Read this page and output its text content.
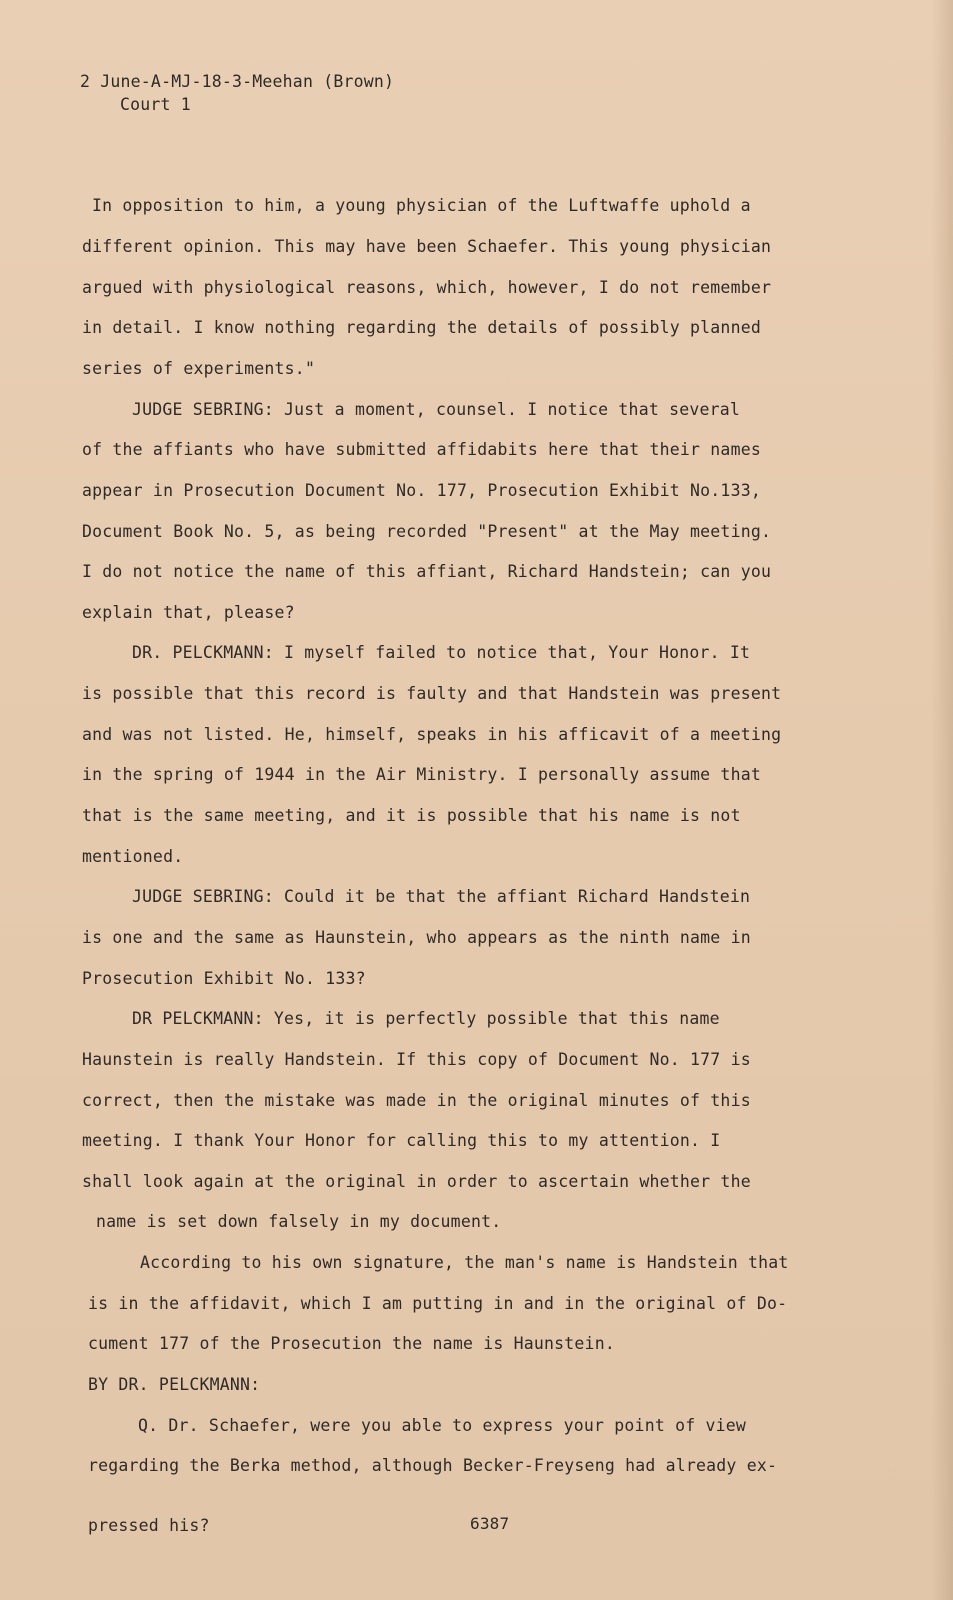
2 June-A-MJ-18-3-Meehan (Brown)
Court 1
In opposition to him, a young physician of the Luftwaffe uphold a
different opinion. This may have been Schaefer. This young physician
argued with physiological reasons, which, however, I do not remember
in detail. I know nothing regarding the details of possibly planned
series of experiments."
JUDGE SEBRING: Just a moment, counsel. I notice that several
of the affiants who have submitted affidabits here that their names
appear in Prosecution Document No. 177, Prosecution Exhibit No.133,
Document Book No. 5, as being recorded "Present" at the May meeting.
I do not notice the name of this affiant, Richard Handstein; can you
explain that, please?
DR. PELCKMANN: I myself failed to notice that, Your Honor. It
is possible that this record is faulty and that Handstein was present
and was not listed. He, himself, speaks in his afficavit of a meeting
in the spring of 1944 in the Air Ministry. I personally assume that
that is the same meeting, and it is possible that his name is not
mentioned.
JUDGE SEBRING: Could it be that the affiant Richard Handstein
is one and the same as Haunstein, who appears as the ninth name in
Prosecution Exhibit No. 133?
DR PELCKMANN: Yes, it is perfectly possible that this name
Haunstein is really Handstein. If this copy of Document No. 177 is
correct, then the mistake was made in the original minutes of this
meeting. I thank Your Honor for calling this to my attention. I
shall look again at the original in order to ascertain whether the
name is set down falsely in my document.
According to his own signature, the man's name is Handstein that
is in the affidavit, which I am putting in and in the original of Do-
cument 177 of the Prosecution the name is Haunstein.
BY DR. PELCKMANN:
Q. Dr. Schaefer, were you able to express your point of view
regarding the Berka method, although Becker-Freyseng had already ex-
pressed his?	6387
